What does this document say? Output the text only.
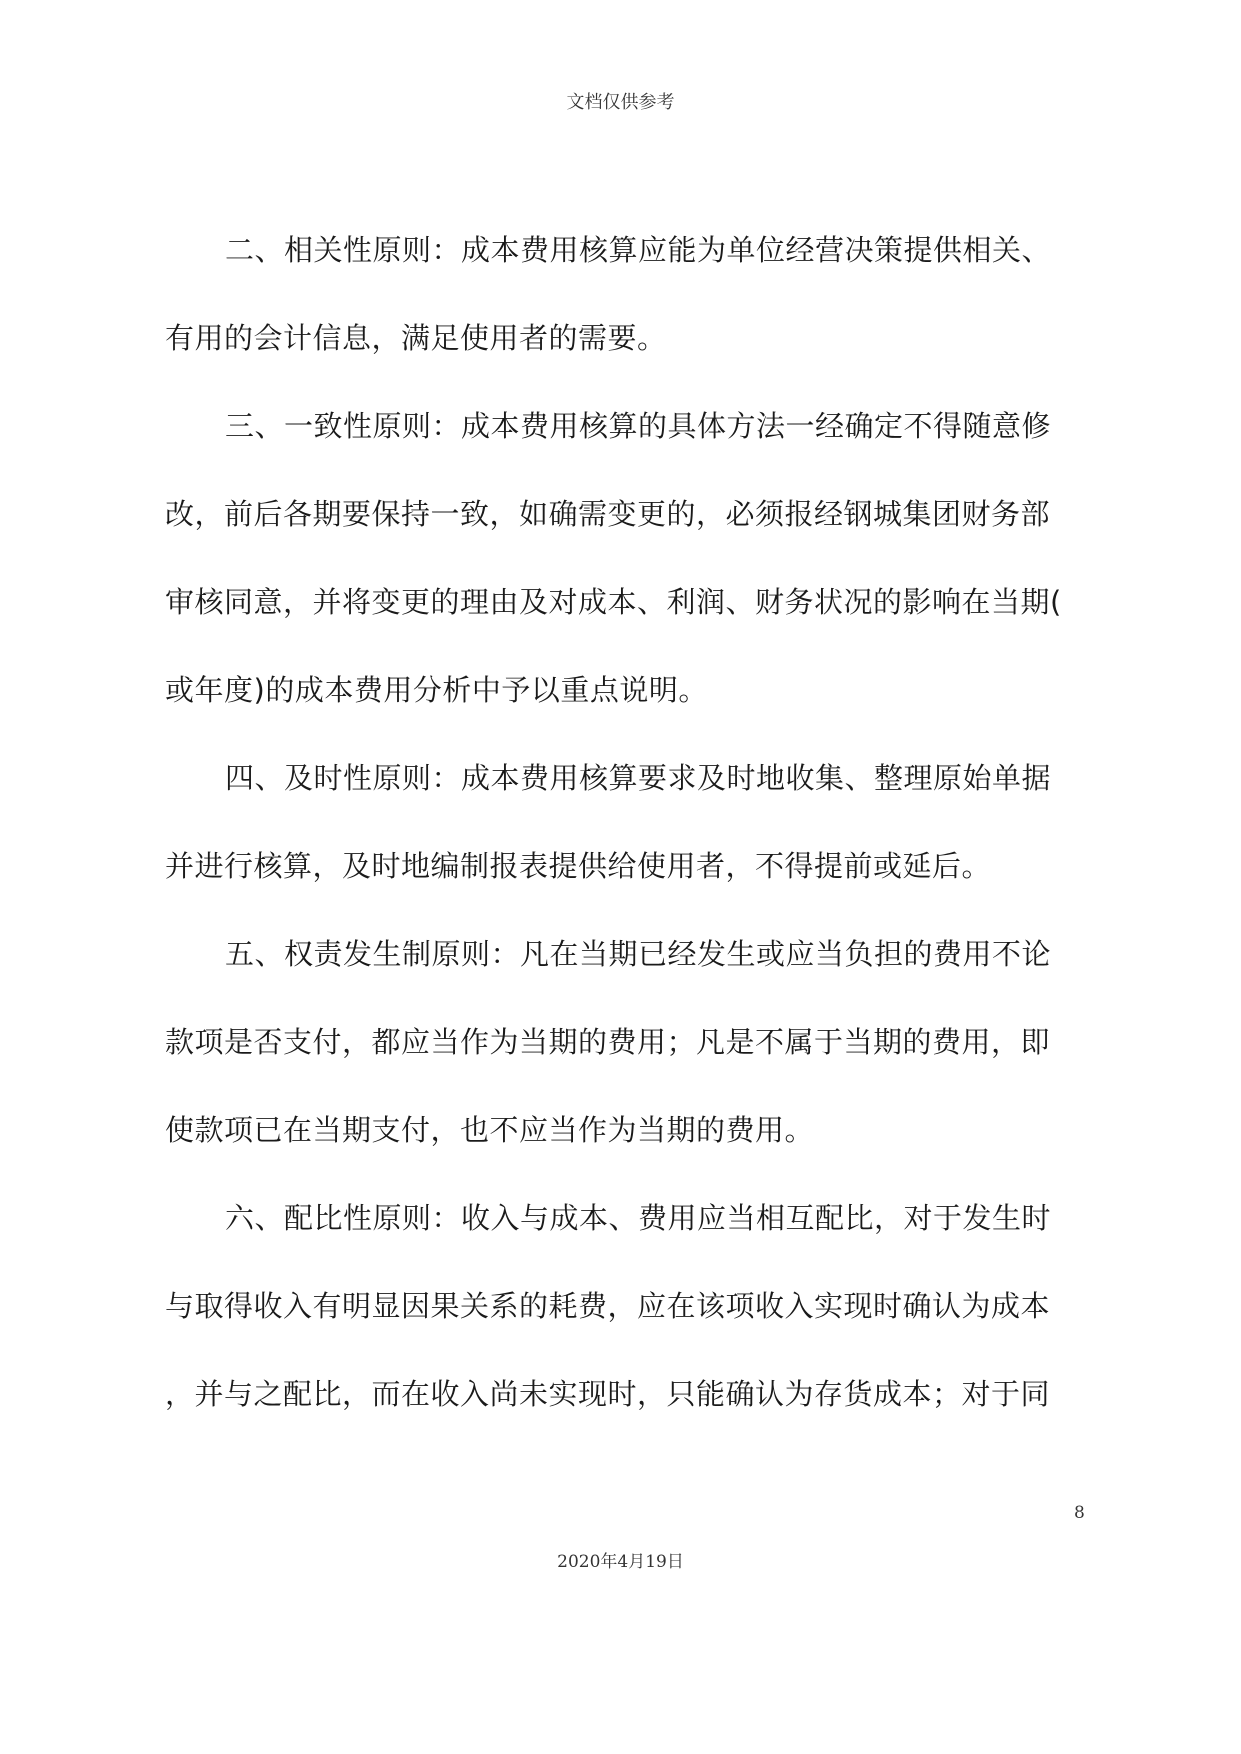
文档仅供参考
二、相关性原则：成本费用核算应能为单位经营决策提供相关、
有用的会计信息，满足使用者的需要。
三、一致性原则：成本费用核算的具体方法一经确定不得随意修
改，前后各期要保持一致，如确需变更的，必须报经钢城集团财务部
审核同意，并将变更的理由及对成本、利润、财务状况的影响在当期(
或年度)的成本费用分析中予以重点说明。
四、及时性原则：成本费用核算要求及时地收集、整理原始单据
并进行核算，及时地编制报表提供给使用者，不得提前或延后。
五、权责发生制原则：凡在当期已经发生或应当负担的费用不论
款项是否支付，都应当作为当期的费用；凡是不属于当期的费用，即
使款项已在当期支付，也不应当作为当期的费用。
六、配比性原则：收入与成本、费用应当相互配比，对于发生时
与取得收入有明显因果关系的耗费，应在该项收入实现时确认为成本
，并与之配比，而在收入尚未实现时，只能确认为存货成本；对于同
8
2020年4月19日
